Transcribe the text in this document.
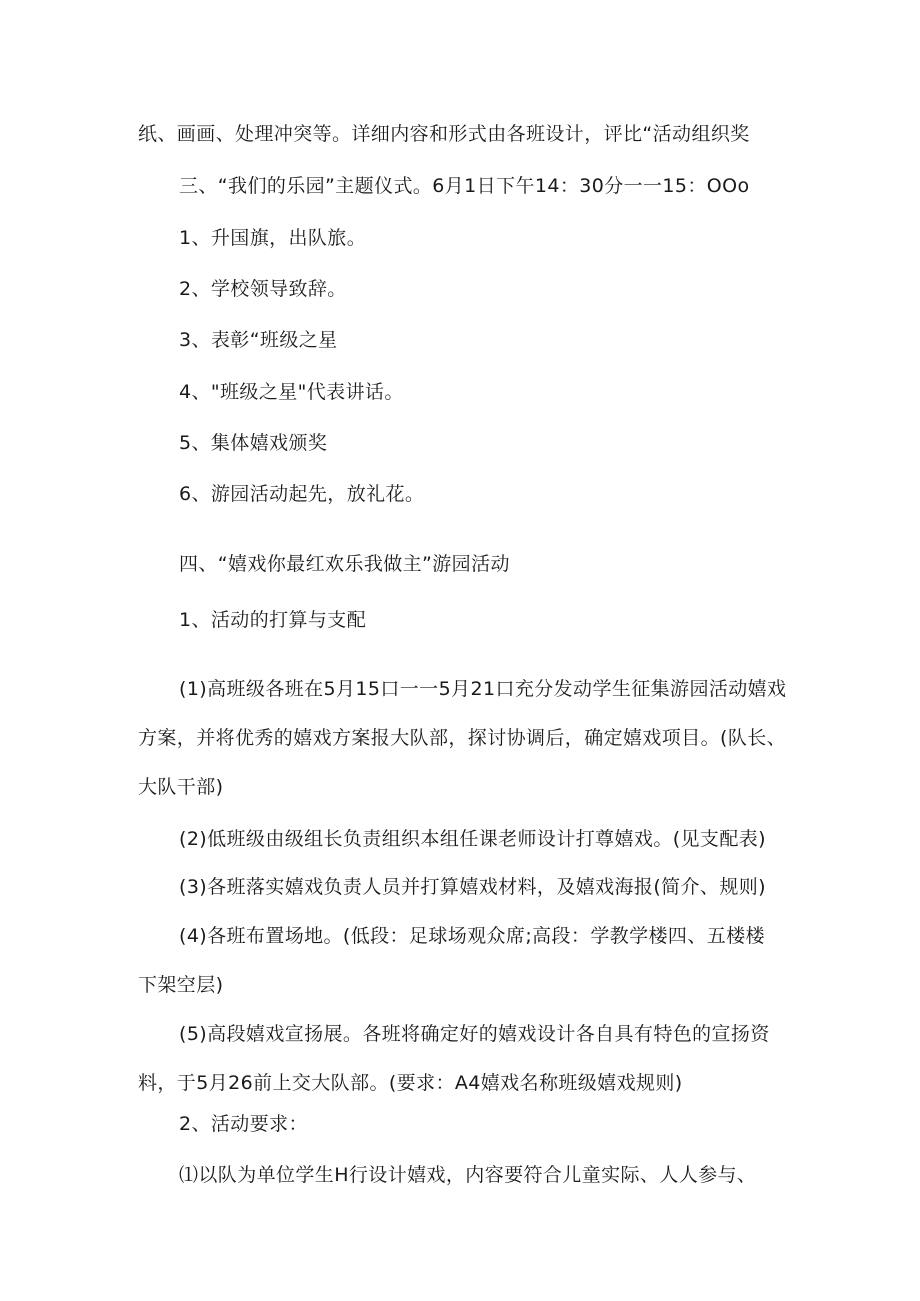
纸、画画、处理冲突等。详细内容和形式由各班设计，评比“活动组织奖
三、“我们的乐园”主题仪式。6月1日下午14：30分一一15：OOo
1、升国旗，出队旅。
2、学校领导致辞。
3、表彰“班级之星
4、"班级之星"代表讲话。
5、集体嬉戏颁奖
6、游园活动起先，放礼花。
四、“嬉戏你最红欢乐我做主”游园活动
1、活动的打算与支配
(1)高班级各班在5月15口一一5月21口充分发动学生征集游园活动嬉戏
方案，并将优秀的嬉戏方案报大队部，探讨协调后，确定嬉戏项目。(队长、
大队干部)
(2)低班级由级组长负责组织本组任课老师设计打尊嬉戏。(见支配表)
(3)各班落实嬉戏负责人员并打算嬉戏材料，及嬉戏海报(简介、规则)
(4)各班布置场地。(低段：足球场观众席;高段：学教学楼四、五楼楼
下架空层)
(5)高段嬉戏宣扬展。各班将确定好的嬉戏设计各自具有特色的宣扬资
料，于5月26前上交大队部。(要求：A4嬉戏名称班级嬉戏规则)
2、活动要求：
⑴以队为单位学生H行设计嬉戏，内容要符合儿童实际、人人参与、
